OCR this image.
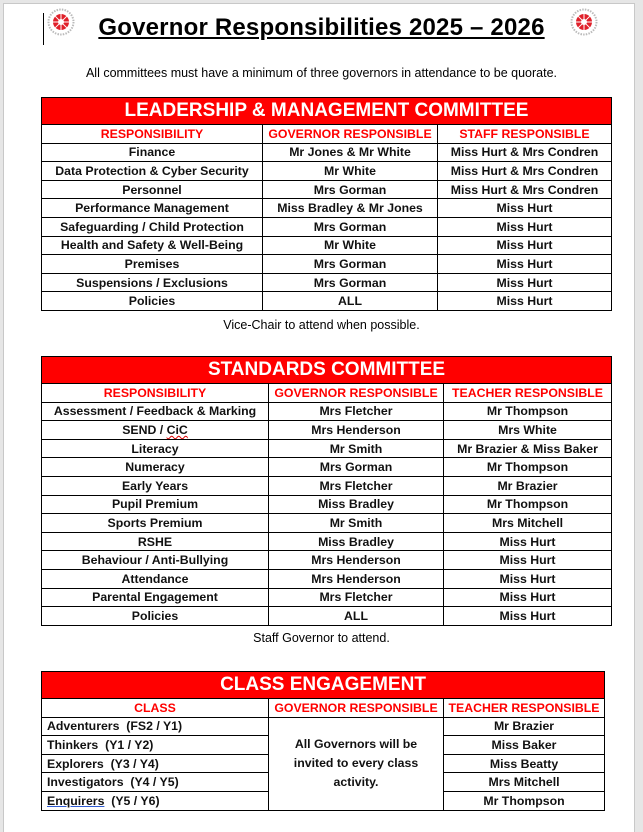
Governor Responsibilities 2025 – 2026
All committees must have a minimum of three governors in attendance to be quorate.
LEADERSHIP & MANAGEMENT COMMITTEE		
RESPONSIBILITY	GOVERNOR RESPONSIBLE	STAFF RESPONSIBLE
Finance	Mr Jones & Mr White	Miss Hurt & Mrs Condren
Data Protection & Cyber Security	Mr White	Miss Hurt & Mrs Condren
Personnel	Mrs Gorman	Miss Hurt & Mrs Condren
Performance Management	Miss Bradley & Mr Jones	Miss Hurt
Safeguarding / Child Protection	Mrs Gorman	Miss Hurt
Health and Safety & Well-Being	Mr White	Miss Hurt
Premises	Mrs Gorman	Miss Hurt
Suspensions / Exclusions	Mrs Gorman	Miss Hurt
Policies	ALL	Miss Hurt
Vice-Chair to attend when possible.
STANDARDS COMMITTEE		
RESPONSIBILITY	GOVERNOR RESPONSIBLE	TEACHER RESPONSIBLE
Assessment / Feedback & Marking	Mrs Fletcher	Mr Thompson
SEND / CiC	Mrs Henderson	Mrs White
Literacy	Mr Smith	Mr Brazier & Miss Baker
Numeracy	Mrs Gorman	Mr Thompson
Early Years	Mrs Fletcher	Mr Brazier
Pupil Premium	Miss Bradley	Mr Thompson
Sports Premium	Mr Smith	Mrs Mitchell
RSHE	Miss Bradley	Miss Hurt
Behaviour / Anti-Bullying	Mrs Henderson	Miss Hurt
Attendance	Mrs Henderson	Miss Hurt
Parental Engagement	Mrs Fletcher	Miss Hurt
Policies	ALL	Miss Hurt
Staff Governor to attend.
CLASS ENGAGEMENT		
CLASS	GOVERNOR RESPONSIBLE	TEACHER RESPONSIBLE
Adventurers  (FS2 / Y1)	All Governors will be invited to every class activity.	Mr Brazier
Thinkers  (Y1 / Y2)		Miss Baker
Explorers  (Y3 / Y4)		Miss Beatty
Investigators  (Y4 / Y5)		Mrs Mitchell
Enquirers  (Y5 / Y6)		Mr Thompson
